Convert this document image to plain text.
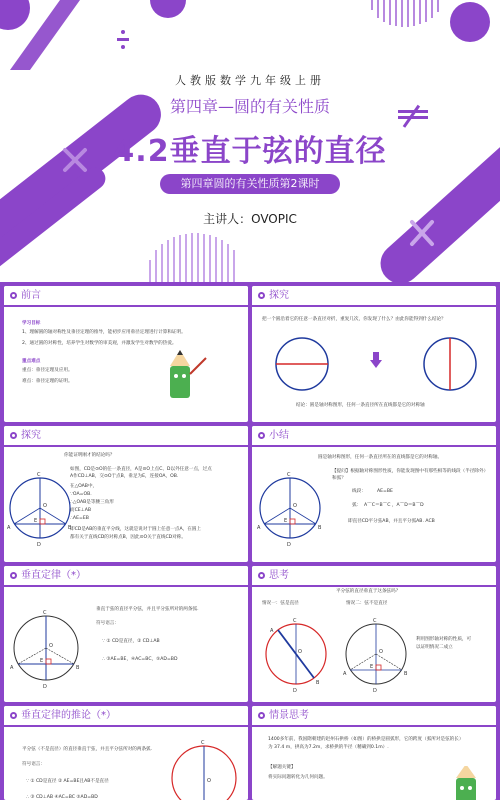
人教版数学九年级上册
第四章—圆的有关性质
4.2垂直于弦的直径
第四章圆的有关性质第2课时
主讲人：OVOPIC
前言
学习目标
1、理解圆的轴对称性及垂径定理的推导，能初步应用垂径定理进行计算和证明。
2、通过圆的对称性，培养学生对数学的审美观，并激发学生对数学的热爱。
重点难点
重点：垂径定理及应用。
难点：垂径定理的证明。
探究
把一个圆沿着它的任意一条直径对折，重复几次，你发现了什么？由此你能得到什么结论？
结论：圆是轴对称图形，任何一条直径所在直线都是它的对称轴
探究
C
O
A	B
E
D
你能证明刚才的结论吗？
如图，CD是⊙O的任一条直径，A是⊙O上点C、D以外任意一点，过点
A作CD⊥AB，交⊙O于点B，垂足为E，连接OA，OB.
在△OAB中，
∵OA=OB.
∴△OAB是等腰三角形
而CE⊥AB
∴AE=EB
即CD是AB的垂直平分线，这就是说对于圆上任意一点A，在圆上
都有关于直线CD的对称点B，因此⊙O关于直线CD对称。
小结
圆是轴对称图形，任何一条直径所在的直线都是它的对称轴。
【提问】根据轴对称图形性质，你能发现图中有那些相等的线段（半径除外）和弧？
C
O
A	B
E
D
线段： AE=BE
弧： A⌒C＝B⌒C ，A⌒D＝B⌒D
即直径CD平分弦AB，并且平分弧AB. ACB
垂直定律（*）
C
O
A	B
E
D
垂直于弦的直径平分弦，并且平分弦所对的两条弧.
符号语言：
∵ ① CD是直径，② CD⊥AB
∴ ③AE=BE，④AC=BC，⑤AD=BD
思考
平分弦的直径垂直于这条弦吗？
情况一：弦是直径	情况二：弦不是直径
A
B
C
D
O
C
O
A	B
E
D
利用图形轴对称的性质，可
以证明情况二成立
垂直定律的推论（*）
平分弦（不是直径）的直径垂直于弦，并且平分弦所对的两条弧.
符号语言：
∵ ① CD是直径 ② AE=BE且AB不是直径
∴ ③ CD⊥AB ④AC=BC ⑤AD=BD
C
O
情景思考
1400多年前，我国隋朝建的赵州石拱桥（如图）的桥拱是圆弧形，它的跨度（弧所对是弦的长）
为 37.4 m，拱高为7.2m，求桥拱的半径（精确到0.1m）.
【解题关键】
将实际问题转化为几何问题。
